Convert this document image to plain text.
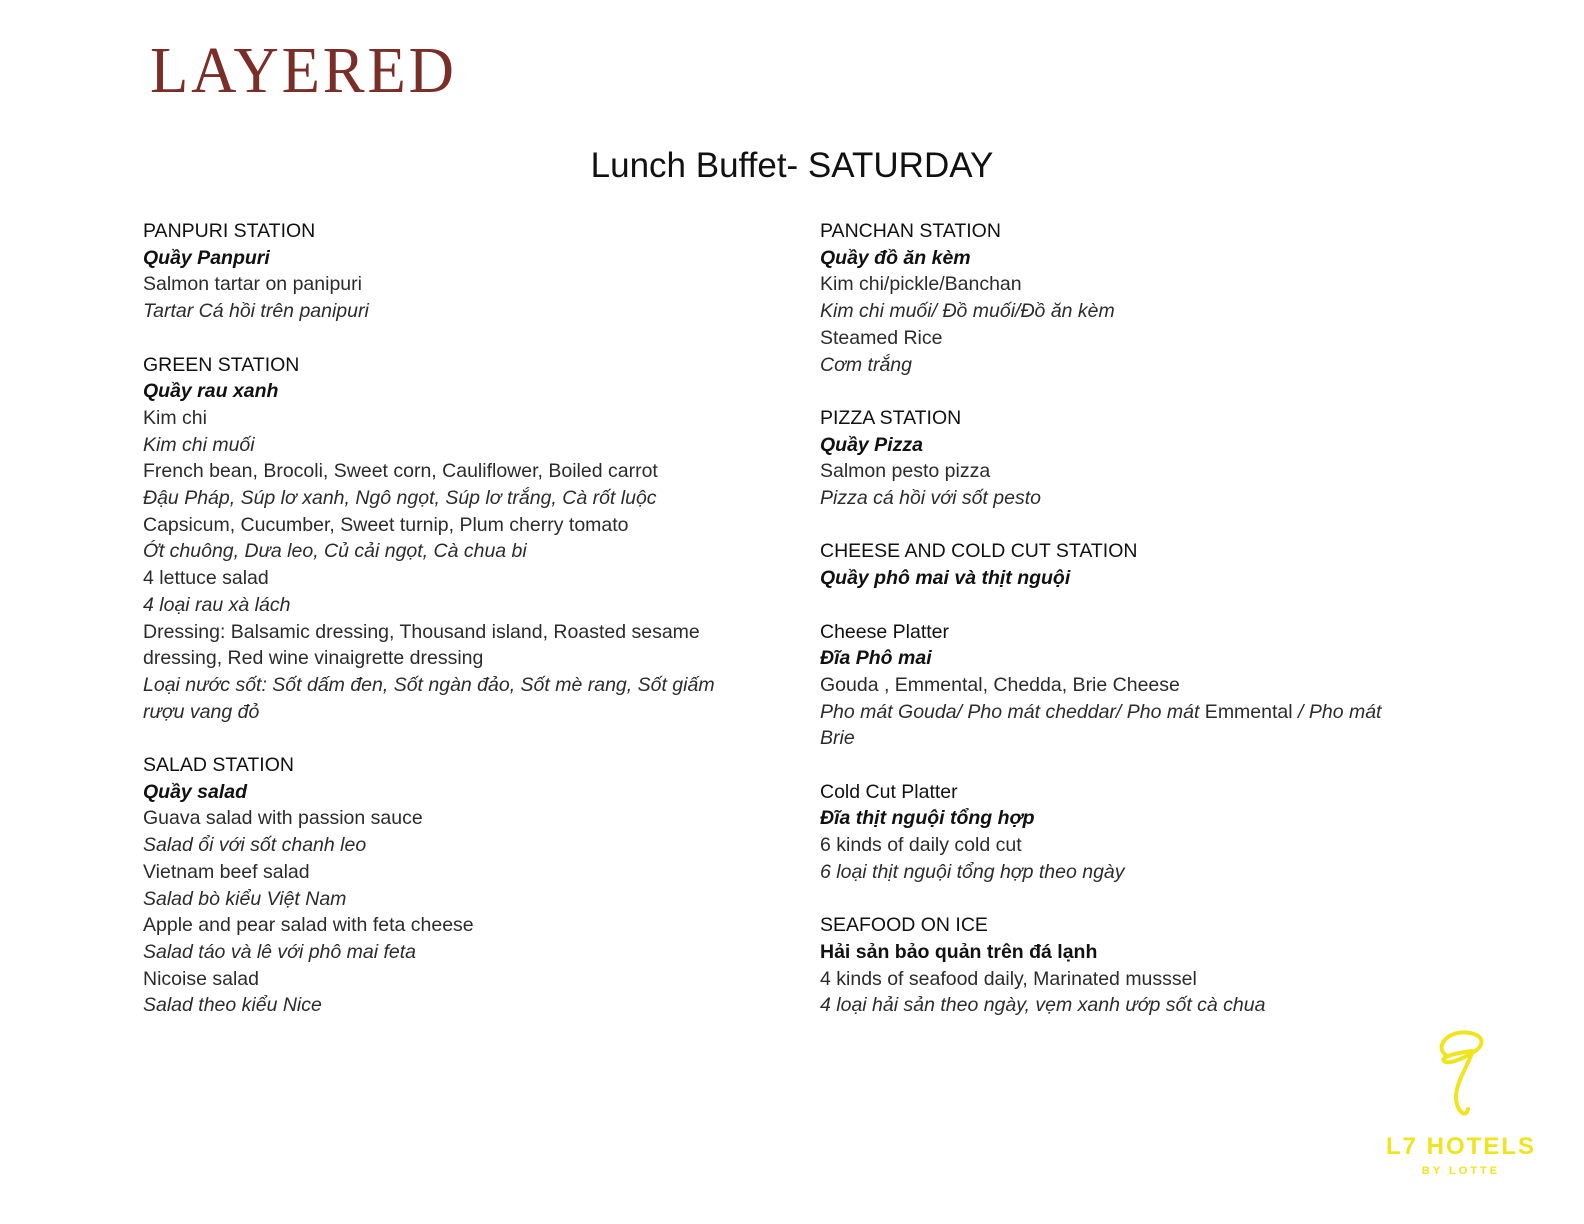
LAYERED
Lunch Buffet- SATURDAY
PANPURI STATION
Quầy Panpuri
Salmon tartar on panipuri
Tartar Cá hồi trên panipuri
GREEN STATION
Quầy rau xanh
Kim chi
Kim chi muối
French bean, Brocoli, Sweet corn, Cauliflower, Boiled carrot
Đậu Pháp, Súp lơ xanh, Ngô ngọt, Súp lơ trắng, Cà rốt luộc
Capsicum, Cucumber, Sweet turnip, Plum cherry tomato
Ớt chuông, Dưa leo, Củ cải ngọt, Cà chua bi
4 lettuce salad
4 loại rau xà lách
Dressing: Balsamic dressing, Thousand island, Roasted sesame
dressing, Red wine vinaigrette dressing
Loại nước sốt: Sốt dấm đen, Sốt ngàn đảo, Sốt mè rang, Sốt giấm
rượu vang đỏ
SALAD STATION
Quầy salad
Guava salad with passion sauce
Salad ổi với sốt chanh leo
Vietnam beef salad
Salad bò kiểu Việt Nam
Apple and pear salad with feta cheese
Salad táo và lê với phô mai feta
Nicoise salad
Salad theo kiểu Nice
PANCHAN STATION
Quầy đồ ăn kèm
Kim chi/pickle/Banchan
Kim chi muối/ Đồ muối/Đồ ăn kèm
Steamed Rice
Cơm trắng
PIZZA STATION
Quầy Pizza
Salmon pesto pizza
Pizza cá hồi với sốt pesto
CHEESE AND COLD CUT STATION
Quầy phô mai và thịt nguội
Cheese Platter
Đĩa Phô mai
Gouda , Emmental, Chedda, Brie Cheese
Pho mát Gouda/ Pho mát cheddar/ Pho mát Emmental / Pho mát Brie
Cold Cut Platter
Đĩa thịt nguội tổng hợp
6 kinds of daily cold cut
6 loại thịt nguội tổng hợp theo ngày
SEAFOOD ON ICE
Hải sản bảo quản trên đá lạnh
4 kinds of seafood daily, Marinated musssel
4 loại hải sản theo ngày, vẹm xanh ướp sốt cà chua
L7 HOTELS
BY LOTTE
